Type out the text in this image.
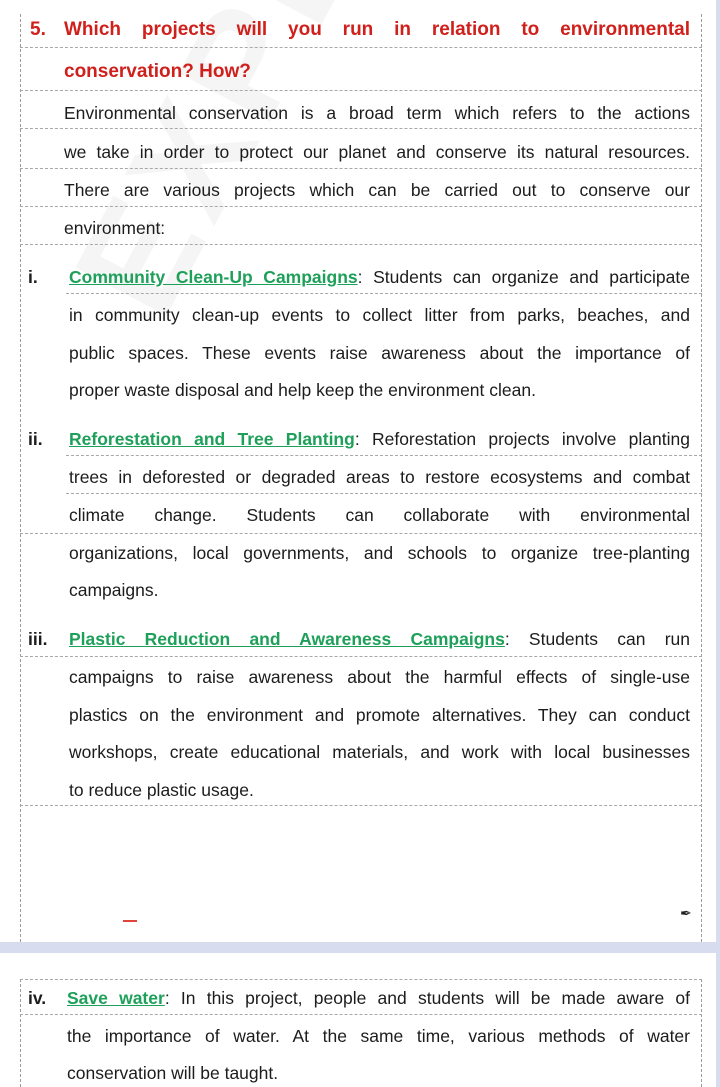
5. Which projects will you run in relation to environmental
conservation? How?
Environmental conservation is a broad term which refers to the actions
we take in order to protect our planet and conserve its natural resources.
There are various projects which can be carried out to conserve our
environment:
i. Community Clean-Up Campaigns: Students can organize and participate
in community clean-up events to collect litter from parks, beaches, and
public spaces. These events raise awareness about the importance of
proper waste disposal and help keep the environment clean.
ii. Reforestation and Tree Planting: Reforestation projects involve planting
trees in deforested or degraded areas to restore ecosystems and combat
climate change. Students can collaborate with environmental
organizations, local governments, and schools to organize tree-planting
campaigns.
iii. Plastic Reduction and Awareness Campaigns: Students can run
campaigns to raise awareness about the harmful effects of single-use
plastics on the environment and promote alternatives. They can conduct
workshops, create educational materials, and work with local businesses
to reduce plastic usage.
✒
iv. Save water: In this project, people and students will be made aware of
the importance of water. At the same time, various methods of water
conservation will be taught.
